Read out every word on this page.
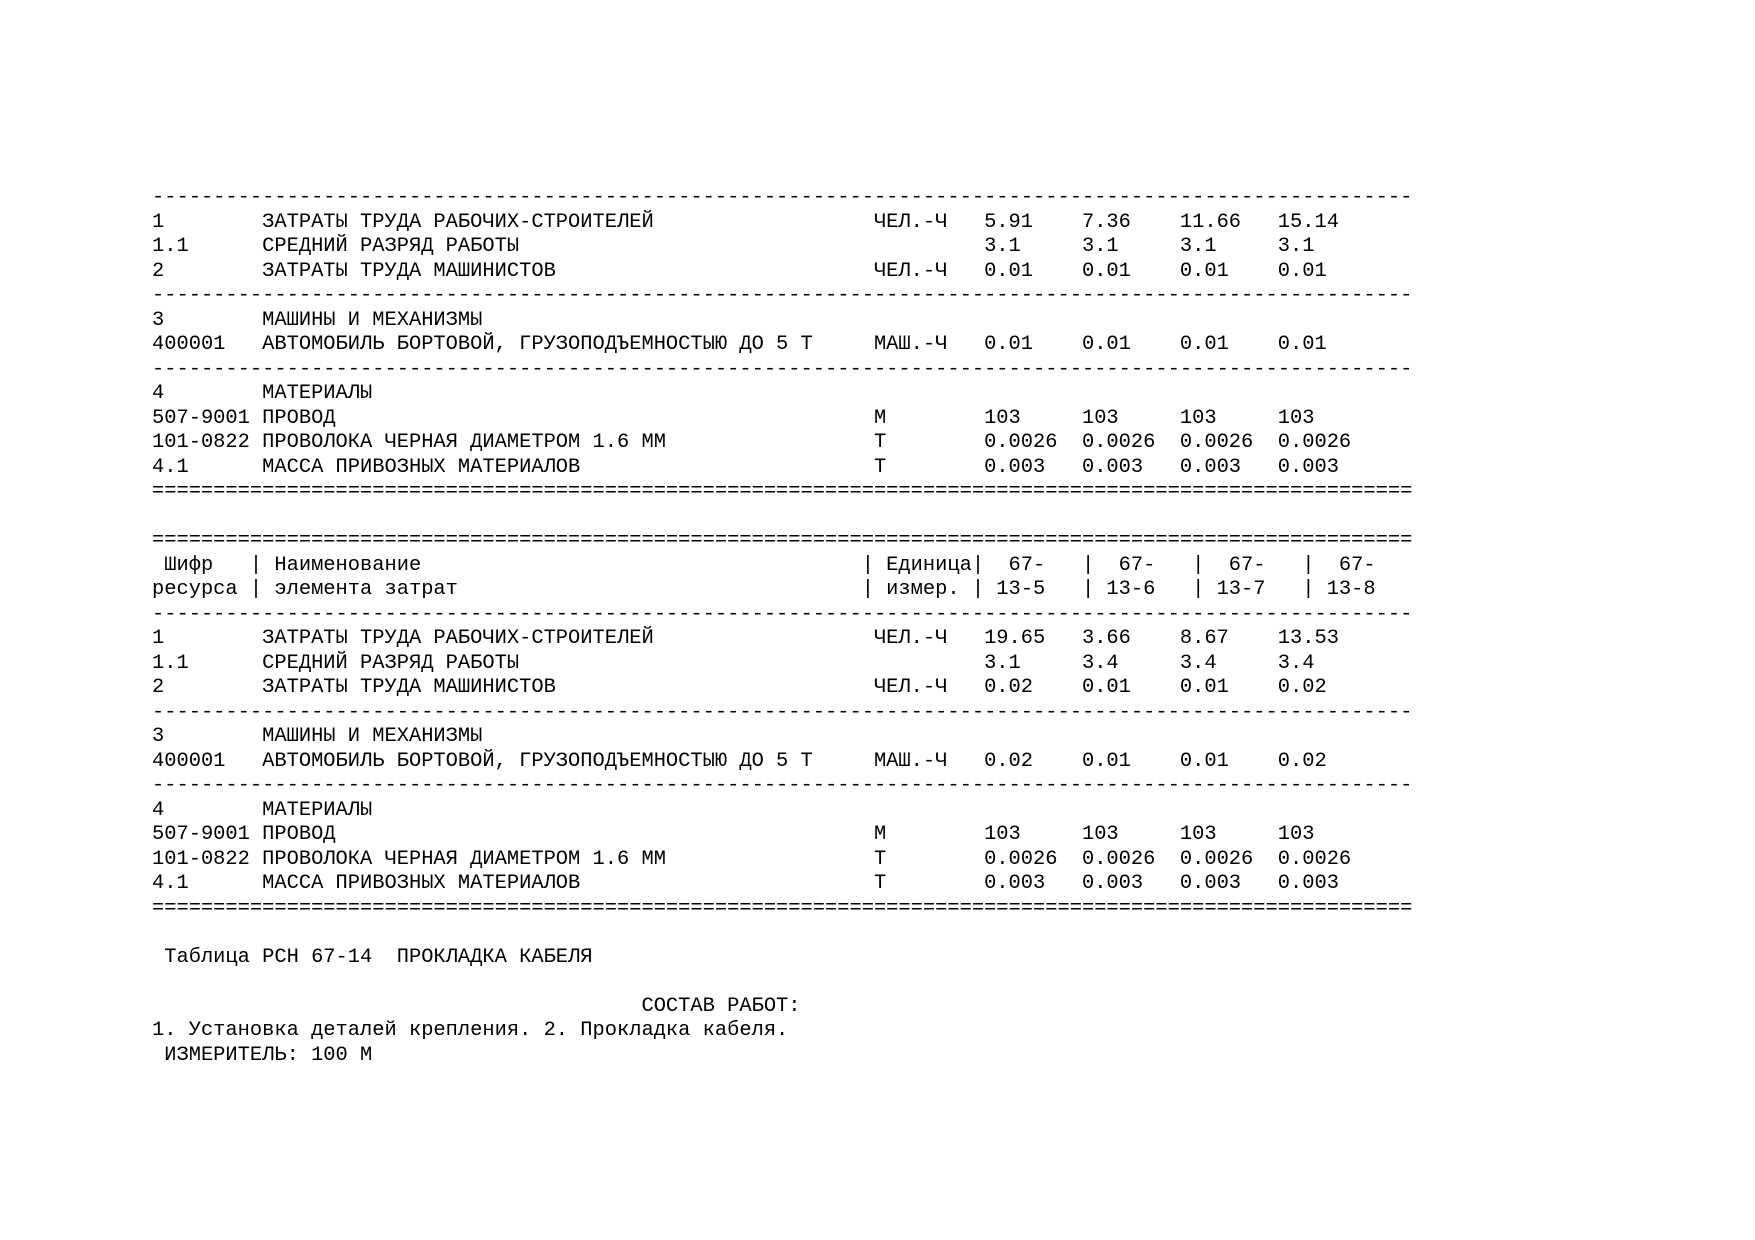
-------------------------------------------------------------------------------------------------------
1        ЗАТРАТЫ ТРУДА РАБОЧИХ-СТРОИТЕЛЕЙ                  ЧЕЛ.-Ч   5.91    7.36    11.66   15.14
1.1      СРЕДНИЙ РАЗРЯД РАБОТЫ                                      3.1     3.1     3.1     3.1
2        ЗАТРАТЫ ТРУДА МАШИНИСТОВ                          ЧЕЛ.-Ч   0.01    0.01    0.01    0.01
-------------------------------------------------------------------------------------------------------
3        МАШИНЫ И МЕХАНИЗМЫ
400001   АВТОМОБИЛЬ БОРТОВОЙ, ГРУЗОПОДЪЕМНОСТЫЮ ДО 5 Т     МАШ.-Ч   0.01    0.01    0.01    0.01
-------------------------------------------------------------------------------------------------------
4        МАТЕРИАЛЫ
507-9001 ПРОВОД                                            М        103     103     103     103
101-0822 ПРОВОЛОКА ЧЕРНАЯ ДИАМЕТРОМ 1.6 ММ                 Т        0.0026  0.0026  0.0026  0.0026
4.1      МАССА ПРИВОЗНЫХ МАТЕРИАЛОВ                        Т        0.003   0.003   0.003   0.003
=======================================================================================================
=======================================================================================================
Шифр   | Наименование                                    | Единица|  67-   |  67-   |  67-   |  67-
ресурса | элемента затрат                                 | измер. | 13-5   | 13-6   | 13-7   | 13-8
-------------------------------------------------------------------------------------------------------
1        ЗАТРАТЫ ТРУДА РАБОЧИХ-СТРОИТЕЛЕЙ                  ЧЕЛ.-Ч   19.65   3.66    8.67    13.53
1.1      СРЕДНИЙ РАЗРЯД РАБОТЫ                                      3.1     3.4     3.4     3.4
2        ЗАТРАТЫ ТРУДА МАШИНИСТОВ                          ЧЕЛ.-Ч   0.02    0.01    0.01    0.02
-------------------------------------------------------------------------------------------------------
3        МАШИНЫ И МЕХАНИЗМЫ
400001   АВТОМОБИЛЬ БОРТОВОЙ, ГРУЗОПОДЪЕМНОСТЫЮ ДО 5 Т     МАШ.-Ч   0.02    0.01    0.01    0.02
-------------------------------------------------------------------------------------------------------
4        МАТЕРИАЛЫ
507-9001 ПРОВОД                                            М        103     103     103     103
101-0822 ПРОВОЛОКА ЧЕРНАЯ ДИАМЕТРОМ 1.6 ММ                 Т        0.0026  0.0026  0.0026  0.0026
4.1      МАССА ПРИВОЗНЫХ МАТЕРИАЛОВ                        Т        0.003   0.003   0.003   0.003
=======================================================================================================
Таблица РСН 67-14  ПРОКЛАДКА КАБЕЛЯ
СОСТАВ РАБОТ:
1. Установка деталей крепления. 2. Прокладка кабеля.
ИЗМЕРИТЕЛЬ: 100 М
